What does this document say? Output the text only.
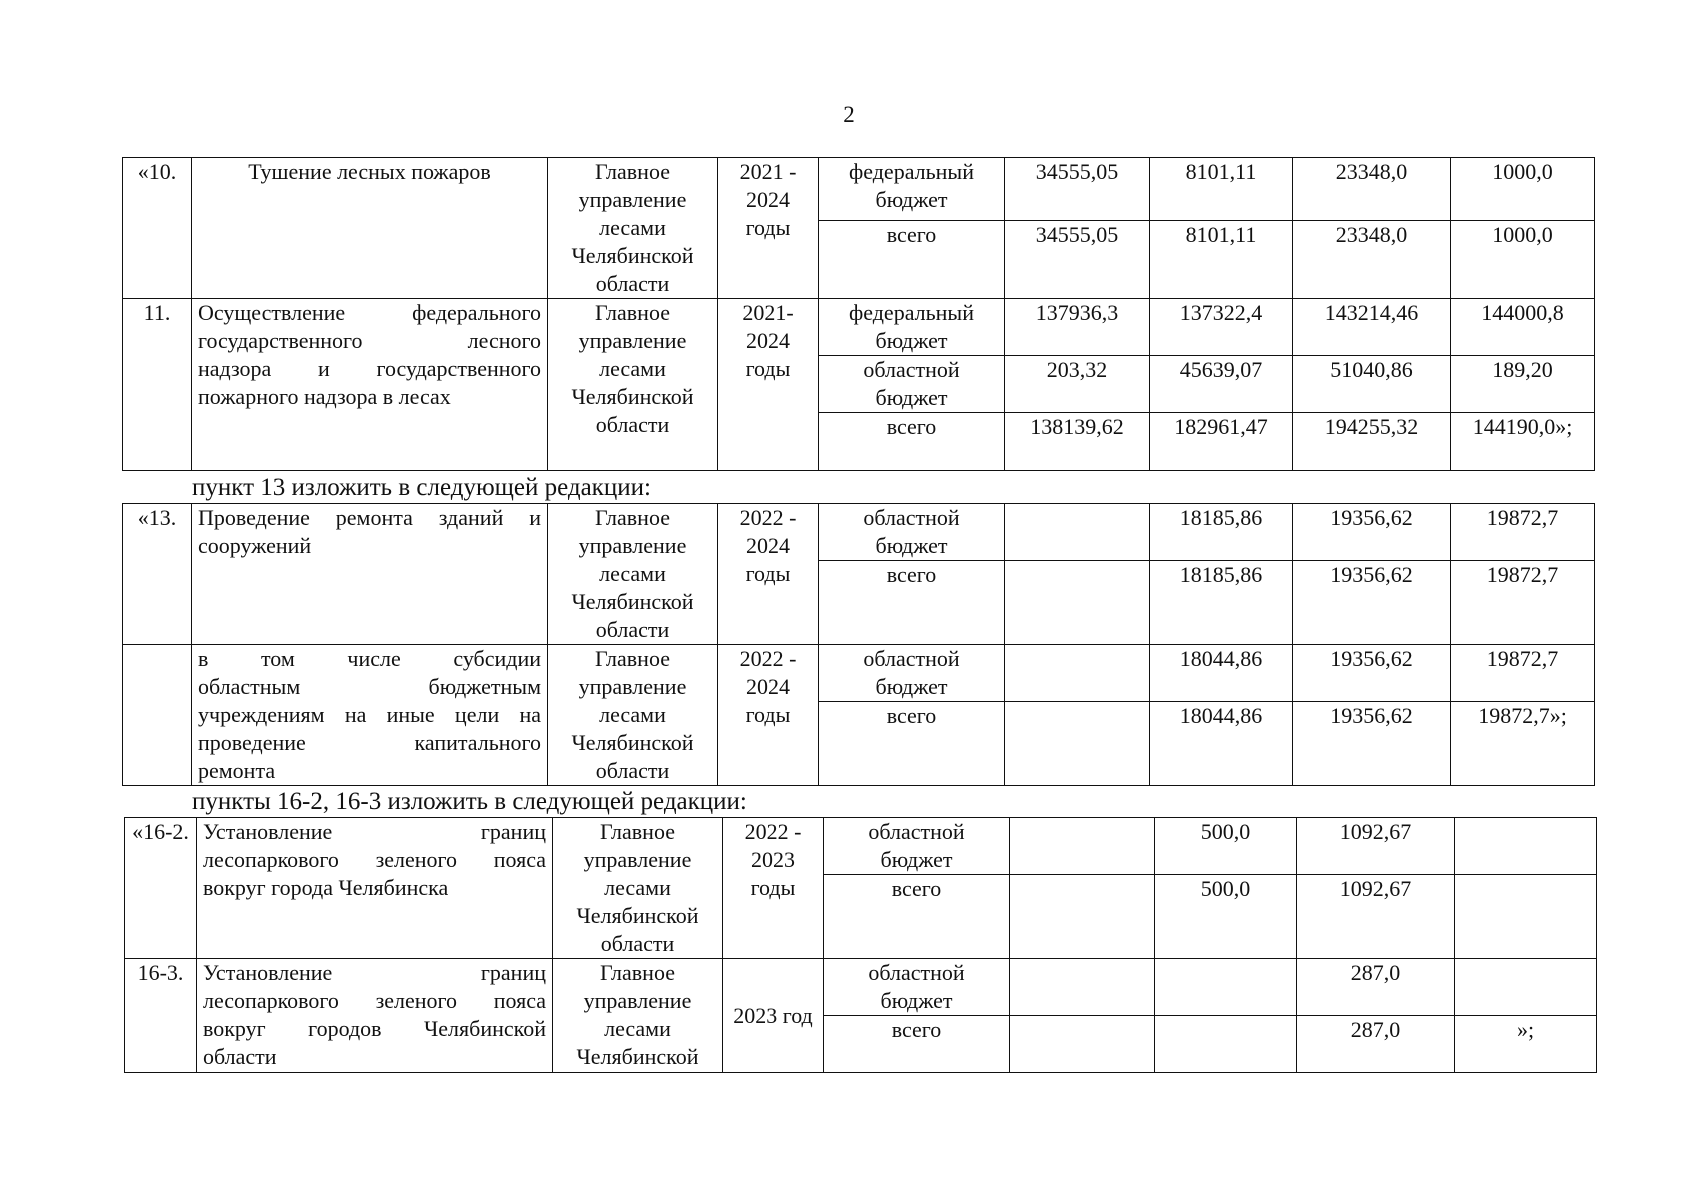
2
«10.	Тушение лесных пожаров	Главное управление лесами Челябинской области	2021 - 2024 годы	федеральный бюджет	34555,05	8101,11	23348,0	1000,0
				всего	34555,05	8101,11	23348,0	1000,0
11.	Осуществление федерального
государственного лесного
надзора и государственного
пожарного надзора в лесах	Главное управление лесами Челябинской области	2021- 2024 годы	федеральный бюджет	137936,3	137322,4	143214,46	144000,8
				областной бюджет	203,32	45639,07	51040,86	189,20
				всего	138139,62	182961,47	194255,32	144190,0»;
пункт 13 изложить в следующей редакции:
«13.	Проведение ремонта зданий и
сооружений	Главное управление лесами Челябинской области	2022 - 2024 годы	областной бюджет		18185,86	19356,62	19872,7
				всего		18185,86	19356,62	19872,7

	в том числе субсидии
областным бюджетным
учреждениям на иные цели на
проведение капитального
ремонта	Главное управление лесами Челябинской области	2022 - 2024 годы	областной бюджет		18044,86	19356,62	19872,7
				всего		18044,86	19356,62	19872,7»;
пункты 16-2, 16-3 изложить в следующей редакции:
«16-2.	Установление границ
лесопаркового зеленого пояса
вокруг города Челябинска	Главное управление лесами Челябинской области	2022 - 2023 годы	областной бюджет		500,0	1092,67	
				всего		500,0	1092,67	
16-3.	Установление границ
лесопаркового зеленого пояса
вокруг городов Челябинской
области	Главное управление лесами Челябинской	2023 год	областной бюджет			287,0	
				всего			287,0	»;
